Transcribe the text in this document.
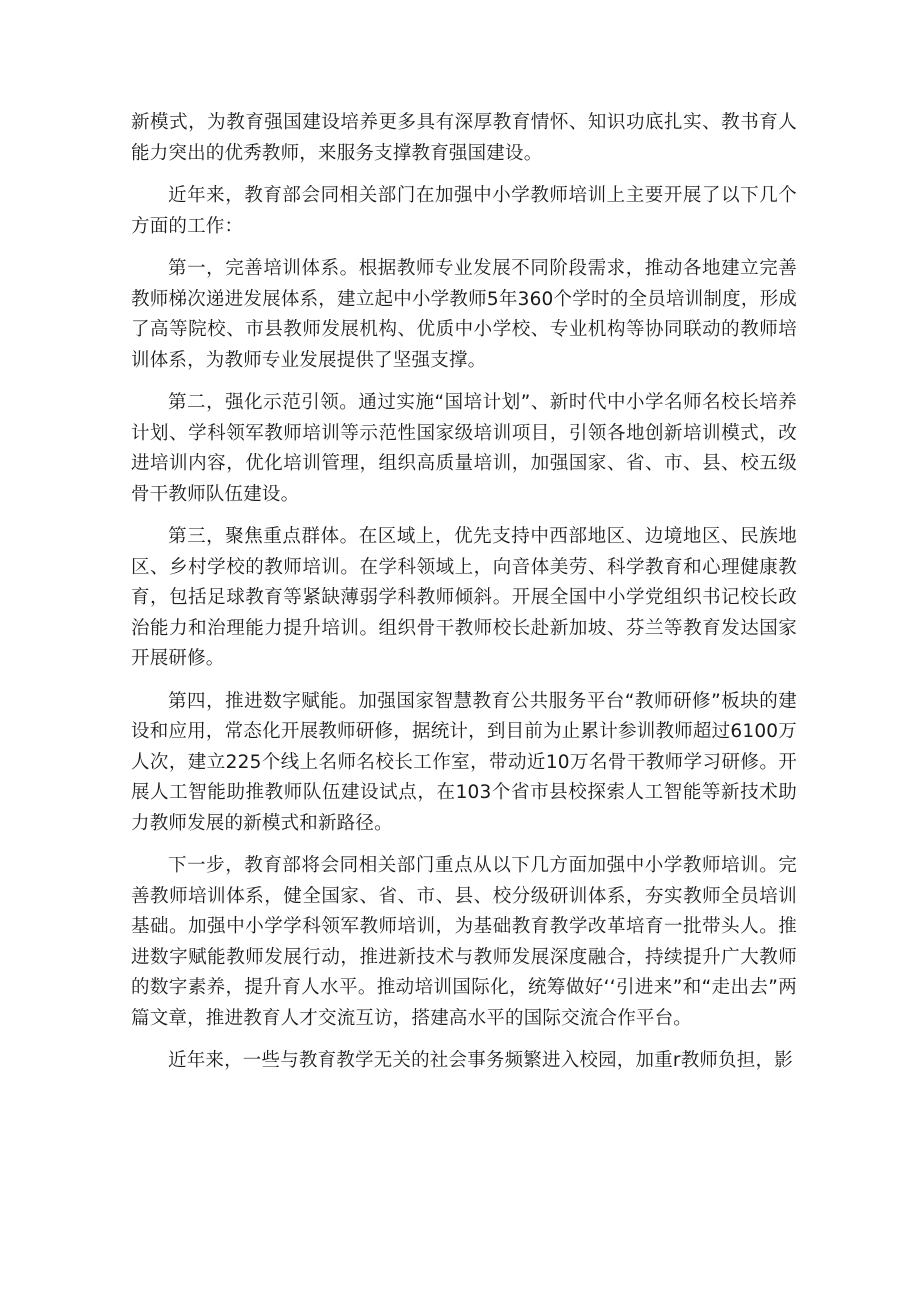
新模式，为教育强国建设培养更多具有深厚教育情怀、知识功底扎实、教书育人能力突出的优秀教师，来服务支撑教育强国建设。

近年来，教育部会同相关部门在加强中小学教师培训上主要开展了以下几个方面的工作：

第一，完善培训体系。根据教师专业发展不同阶段需求，推动各地建立完善教师梯次递进发展体系，建立起中小学教师5年360个学时的全员培训制度，形成了高等院校、市县教师发展机构、优质中小学校、专业机构等协同联动的教师培训体系，为教师专业发展提供了坚强支撑。

第二，强化示范引领。通过实施“国培计划”、新时代中小学名师名校长培养计划、学科领军教师培训等示范性国家级培训项目，引领各地创新培训模式，改进培训内容，优化培训管理，组织高质量培训，加强国家、省、市、县、校五级骨干教师队伍建设。

第三，聚焦重点群体。在区域上，优先支持中西部地区、边境地区、民族地区、乡村学校的教师培训。在学科领域上，向音体美劳、科学教育和心理健康教育，包括足球教育等紧缺薄弱学科教师倾斜。开展全国中小学党组织书记校长政治能力和治理能力提升培训。组织骨干教师校长赴新加坡、芬兰等教育发达国家开展研修。

第四，推进数字赋能。加强国家智慧教育公共服务平台“教师研修”板块的建设和应用，常态化开展教师研修，据统计，到目前为止累计参训教师超过6100万人次，建立225个线上名师名校长工作室，带动近10万名骨干教师学习研修。开展人工智能助推教师队伍建设试点，在103个省市县校探索人工智能等新技术助力教师发展的新模式和新路径。

下一步，教育部将会同相关部门重点从以下几方面加强中小学教师培训。完善教师培训体系，健全国家、省、市、县、校分级研训体系，夯实教师全员培训基础。加强中小学学科领军教师培训，为基础教育教学改革培育一批带头人。推进数字赋能教师发展行动，推进新技术与教师发展深度融合，持续提升广大教师的数字素养，提升育人水平。推动培训国际化，统筹做好‘‘引进来”和“走出去”两篇文章，推进教育人才交流互访，搭建高水平的国际交流合作平台。

近年来，一些与教育教学无关的社会事务频繁进入校园，加重r教师负担，影
